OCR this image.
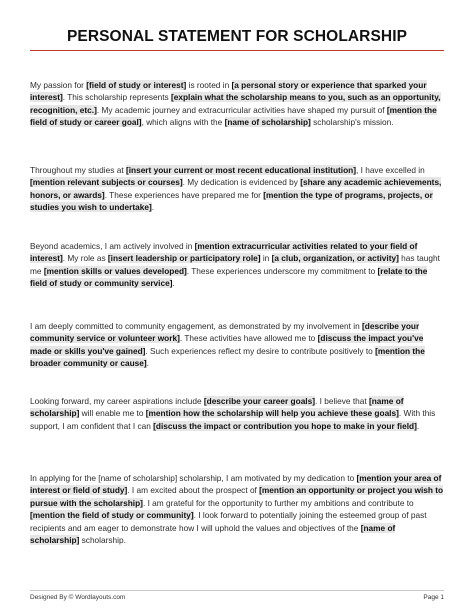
PERSONAL STATEMENT FOR SCHOLARSHIP

My passion for [field of study or interest] is rooted in [a personal story or experience that sparked your interest]. This scholarship represents [explain what the scholarship means to you, such as an opportunity, recognition, etc.]. My academic journey and extracurricular activities have shaped my pursuit of [mention the field of study or career goal], which aligns with the [name of scholarship] scholarship's mission.

Throughout my studies at [insert your current or most recent educational institution], I have excelled in [mention relevant subjects or courses]. My dedication is evidenced by [share any academic achievements, honors, or awards]. These experiences have prepared me for [mention the type of programs, projects, or studies you wish to undertake].

Beyond academics, I am actively involved in [mention extracurricular activities related to your field of interest]. My role as [insert leadership or participatory role] in [a club, organization, or activity] has taught me [mention skills or values developed]. These experiences underscore my commitment to [relate to the field of study or community service].

I am deeply committed to community engagement, as demonstrated by my involvement in [describe your community service or volunteer work]. These activities have allowed me to [discuss the impact you've made or skills you've gained]. Such experiences reflect my desire to contribute positively to [mention the broader community or cause].

Looking forward, my career aspirations include [describe your career goals]. I believe that [name of scholarship] will enable me to [mention how the scholarship will help you achieve these goals]. With this support, I am confident that I can [discuss the impact or contribution you hope to make in your field].

In applying for the [name of scholarship] scholarship, I am motivated by my dedication to [mention your area of interest or field of study]. I am excited about the prospect of [mention an opportunity or project you wish to pursue with the scholarship]. I am grateful for the opportunity to further my ambitions and contribute to [mention the field of study or community]. I look forward to potentially joining the esteemed group of past recipients and am eager to demonstrate how I will uphold the values and objectives of the [name of scholarship] scholarship.

Designed By © Wordlayouts.com	Page 1
